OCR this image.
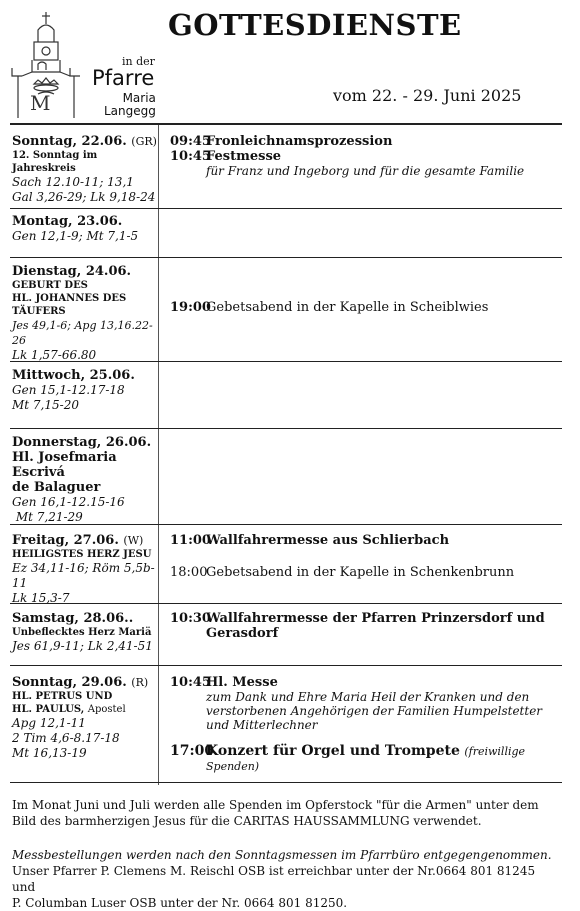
M
in der
Pfarre
Maria
Langegg
GOTTESDIENSTE
vom 22. - 29. Juni 2025
Sonntag, 22.06. (GR)
12. Sonntag im Jahreskreis
Sach 12.10-11; 13,1
Gal 3,26-29; Lk 9,18-24
09:45
Fronleichnamsprozession
10:45
Festmesse
für Franz und Ingeborg und für die gesamte Familie
Montag, 23.06.
Gen 12,1-9; Mt 7,1-5
Dienstag, 24.06.
GEBURT DES
HL. JOHANNES DES
TÄUFERS
Jes 49,1-6; Apg 13,16.22-26
Lk 1,57-66.80
19:00
Gebetsabend in der Kapelle in Scheiblwies
Mittwoch, 25.06.
Gen 15,1-12.17-18
Mt 7,15-20
Donnerstag, 26.06.
Hl. Josefmaria Escrivá
de Balaguer
Gen 16,1-12.15-16
Mt 7,21-29
Freitag, 27.06. (W)
HEILIGSTES HERZ JESU
Ez 34,11-16; Röm 5,5b-11
Lk 15,3-7
11:00
Wallfahrermesse aus Schlierbach
18:00
Gebetsabend in der Kapelle in Schenkenbrunn
Samstag, 28.06..
Unbeflecktes Herz Mariä
Jes 61,9-11; Lk 2,41-51
10:30
Wallfahrermesse der Pfarren Prinzersdorf und Gerasdorf
Sonntag, 29.06. (R)
HL. PETRUS UND
HL. PAULUS, Apostel
Apg 12,1-11
2 Tim 4,6-8.17-18
Mt 16,13-19
10:45
Hl. Messe
zum Dank und Ehre Maria Heil der Kranken und den
verstorbenen Angehörigen der Familien Humpelstetter
und Mitterlechner
17:00
Konzert für Orgel und Trompete (freiwillige Spenden)
Im Monat Juni und Juli werden alle Spenden im Opferstock "für die Armen" unter dem
Bild des barmherzigen Jesus für die CARITAS HAUSSAMMLUNG verwendet.
Messbestellungen werden nach den Sonntagsmessen im Pfarrbüro entgegengenommen.
Unser Pfarrer P. Clemens M. Reischl OSB ist erreichbar unter der Nr.0664 801 81245 und
P. Columban Luser OSB unter der Nr. 0664 801 81250.
